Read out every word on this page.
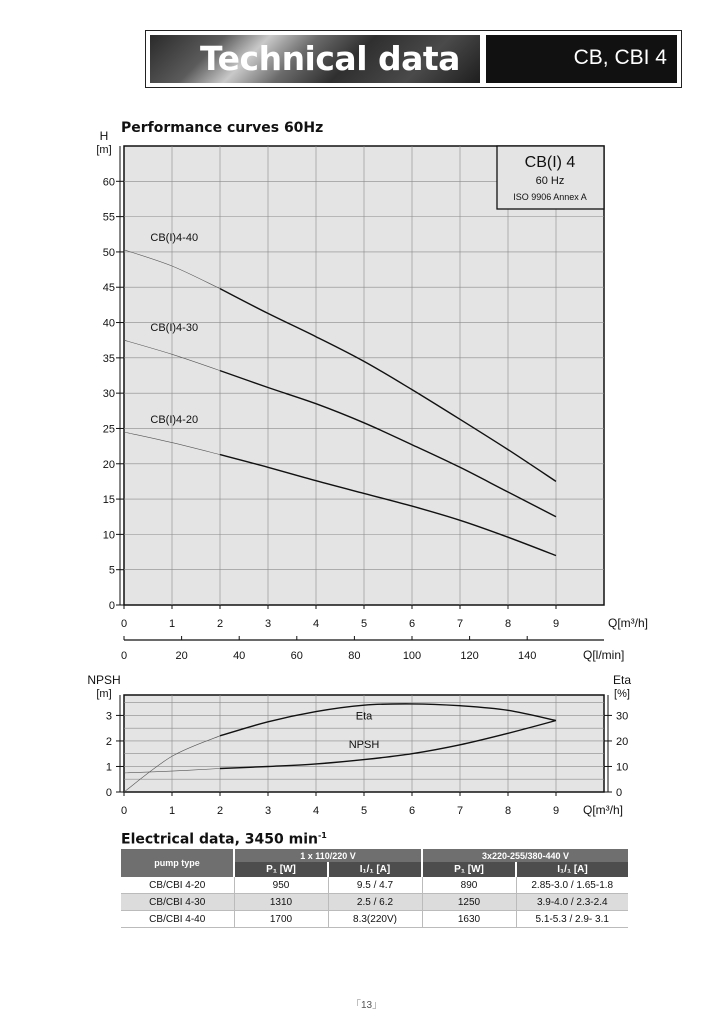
Technical data	CB, CBI 4
Performance curves 60Hz
0
5
10
15
20
25
30
35
40
45
50
55
60
H
[m]
0	1	2	3	4	5	6	7	8	9	Q[m³/h]
0	20	40	60	80	100	120	140	Q[l/min]
CB(I) 4
60 Hz
ISO 9906 Annex A
CB(I)4-40
CB(I)4-30
CB(I)4-20
0
1
2
3
0
10
20
30
NPSH
[m]
Eta
[%]
0	1	2	3	4	5	6	7	8	9 Q[m³/h]
Eta
NPSH
Electrical data, 3450 $\min^{-1}$
pump type	1 x 110/220 V		3x220-255/380-440 V	
	P₁ [W]	I₁/₁ [A]	P₁ [W]	I₁/₁ [A]
CB/CBI 4-20	950	9.5 / 4.7	890	2.85-3.0 / 1.65-1.8
CB/CBI 4-30	1310	2.5 / 6.2	1250	3.9-4.0 / 2.3-2.4
CB/CBI 4-40	1700	8.3(220V)	1630	5.1-5.3 / 2.9- 3.1
「13」
